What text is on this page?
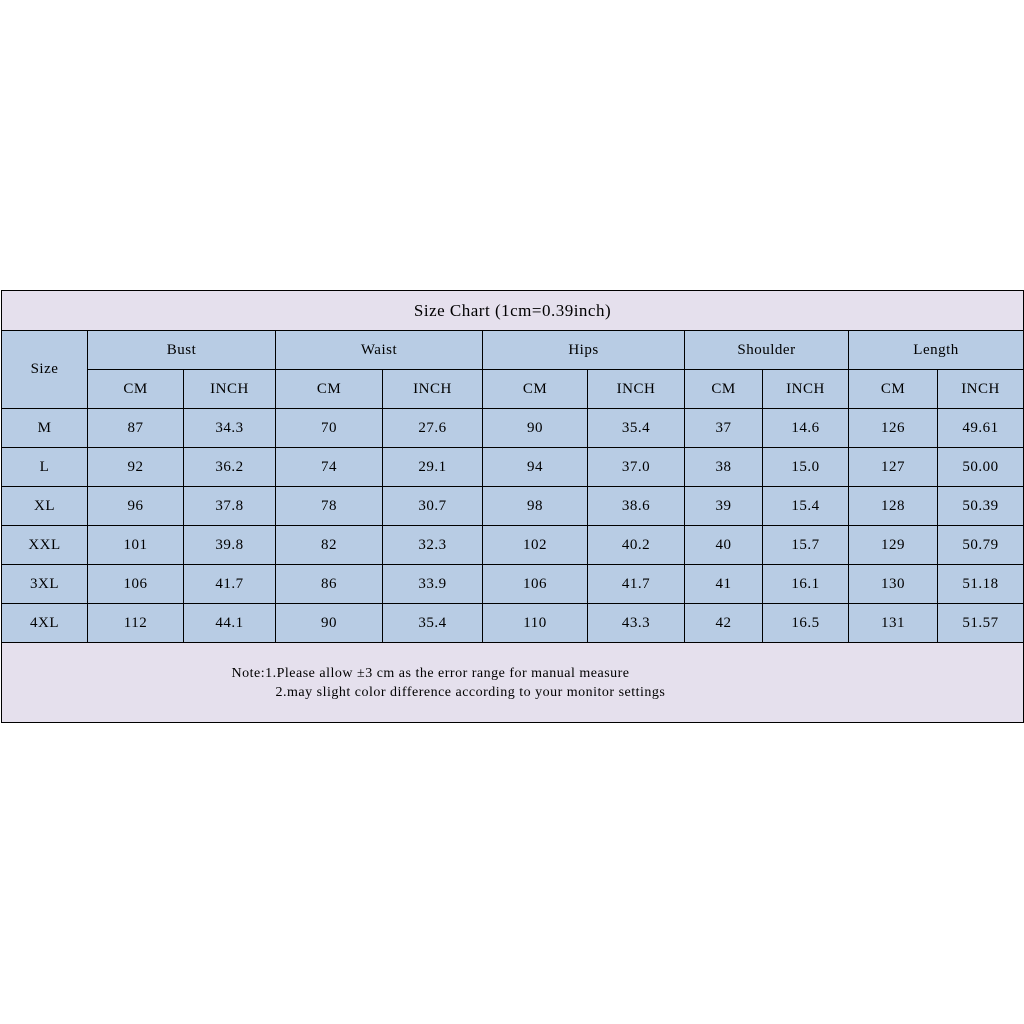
Size Chart (1cm=0.39inch)										
Size	Bust		Waist		Hips		Shoulder		Length	
	CM	INCH	CM	INCH	CM	INCH	CM	INCH	CM	INCH
M	87	34.3	70	27.6	90	35.4	37	14.6	126	49.61
L	92	36.2	74	29.1	94	37.0	38	15.0	127	50.00
XL	96	37.8	78	30.7	98	38.6	39	15.4	128	50.39
XXL	101	39.8	82	32.3	102	40.2	40	15.7	129	50.79
3XL	106	41.7	86	33.9	106	41.7	41	16.1	130	51.18
4XL	112	44.1	90	35.4	110	43.3	42	16.5	131	51.57

Note:1.Please allow ±3 cm as the error range for manual measure
2.may slight color difference according to your monitor settings										
